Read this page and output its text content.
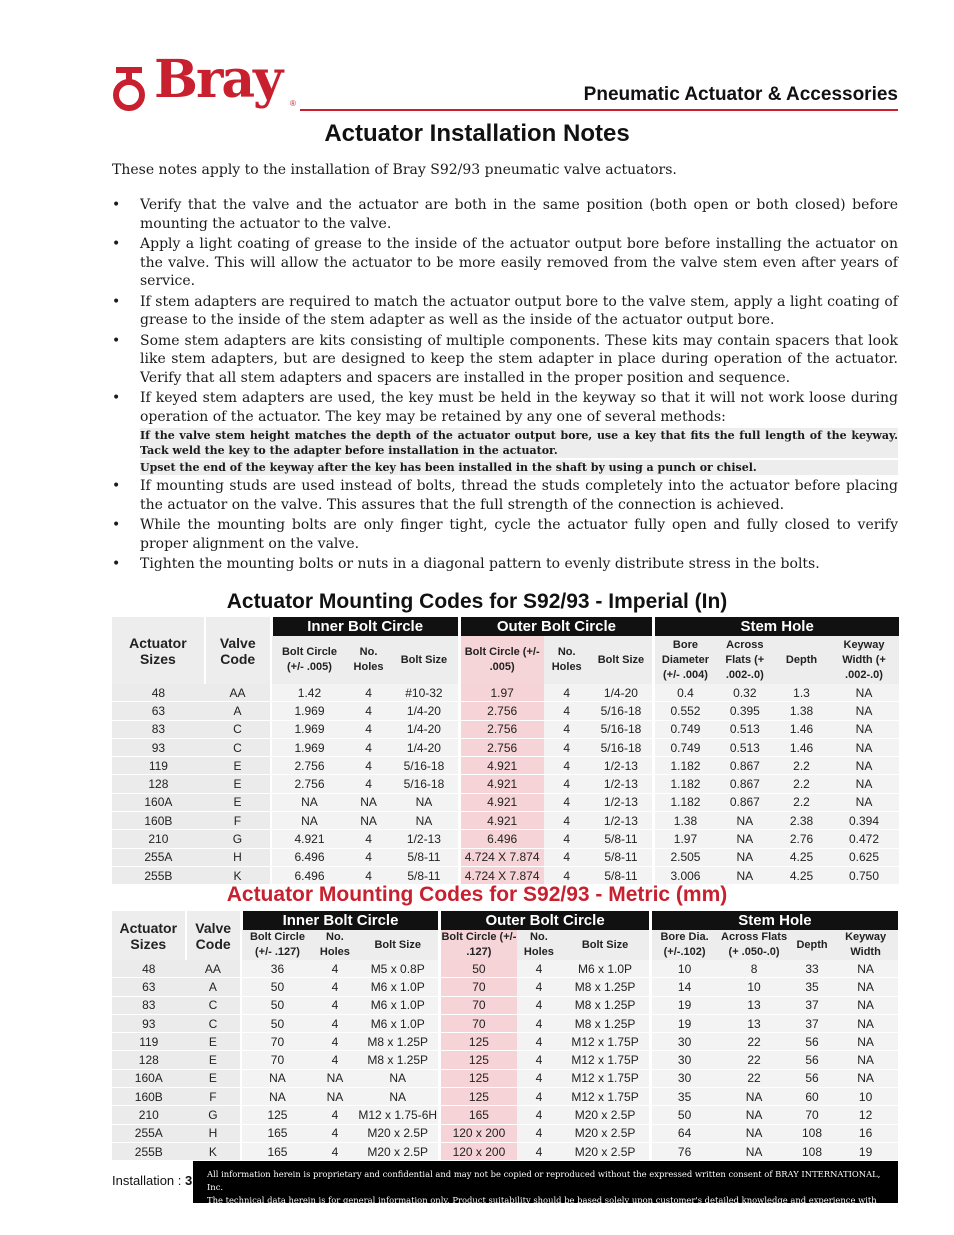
Bray ®	Pneumatic Actuator & Accessories
Actuator Installation Notes
These notes apply to the installation of Bray S92/93 pneumatic valve actuators.
• Verify that the valve and the actuator are both in the same position (both open or both closed) before mounting the actuator to the valve.

• Apply a light coating of grease to the inside of the actuator output bore before installing the actuator on the valve. This will allow the actuator to be more easily removed from the valve stem even after years of service.

• If stem adapters are required to match the actuator output bore to the valve stem, apply a light coating of grease to the inside of the stem adapter as well as the inside of the actuator output bore.

• Some stem adapters are kits consisting of multiple components. These kits may contain spacers that look like stem adapters, but are designed to keep the stem adapter in place during operation of the actuator. Verify that all stem adapters and spacers are installed in the proper position and sequence.

• If keyed stem adapters are used, the key must be held in the keyway so that it will not work loose during operation of the actuator. The key may be retained by any one of several methods:

If the valve stem height matches the depth of the actuator output bore, use a key that fits the full length of the keyway. Tack weld the key to the adapter before installation in the actuator.

Upset the end of the keyway after the key has been installed in the shaft by using a punch or chisel.

• If mounting studs are used instead of bolts, thread the studs completely into the actuator before placing the actuator on the valve. This assures that the full strength of the connection is achieved.

• While the mounting bolts are only finger tight, cycle the actuator fully open and fully closed to verify proper alignment on the valve.

• Tighten the mounting bolts or nuts in a diagonal pattern to evenly distribute stress in the bolts.

Actuator Mounting Codes for S92/93 - Imperial (In)
Actuator Sizes	Valve Code	Inner Bolt Circle			Outer Bolt Circle			Stem Hole			
		Bolt Circle (+/- .005)	No. Holes	Bolt Size	Bolt Circle (+/- .005)	No. Holes	Bolt Size	Bore Diameter (+/- .004)	Across Flats (+ .002-.0)	Depth	Keyway Width (+ .002-.0)
48	AA	1.42	4	#10-32	1.97	4	1/4-20	0.4	0.32	1.3	NA
63	A	1.969	4	1/4-20	2.756	4	5/16-18	0.552	0.395	1.38	NA
83	C	1.969	4	1/4-20	2.756	4	5/16-18	0.749	0.513	1.46	NA
93	C	1.969	4	1/4-20	2.756	4	5/16-18	0.749	0.513	1.46	NA
119	E	2.756	4	5/16-18	4.921	4	1/2-13	1.182	0.867	2.2	NA
128	E	2.756	4	5/16-18	4.921	4	1/2-13	1.182	0.867	2.2	NA
160A	E	NA	NA	NA	4.921	4	1/2-13	1.182	0.867	2.2	NA
160B	F	NA	NA	NA	4.921	4	1/2-13	1.38	NA	2.38	0.394
210	G	4.921	4	1/2-13	6.496	4	5/8-11	1.97	NA	2.76	0.472
255A	H	6.496	4	5/8-11	4.724 X 7.874	4	5/8-11	2.505	NA	4.25	0.625
255B	K	6.496	4	5/8-11	4.724 X 7.874	4	5/8-11	3.006	NA	4.25	0.750
Actuator Mounting Codes for S92/93 - Metric (mm)
Actuator Sizes	Valve Code	Inner Bolt Circle			Outer Bolt Circle			Stem Hole			
		Bolt Circle (+/- .127)	No. Holes	Bolt Size	Bolt Circle (+/- .127)	No. Holes	Bolt Size	Bore Dia. (+/-.102)	Across Flats (+ .050-.0)	Depth	Keyway Width
48	AA	36	4	M5 x 0.8P	50	4	M6 x 1.0P	10	8	33	NA
63	A	50	4	M6 x 1.0P	70	4	M8 x 1.25P	14	10	35	NA
83	C	50	4	M6 x 1.0P	70	4	M8 x 1.25P	19	13	37	NA
93	C	50	4	M6 x 1.0P	70	4	M8 x 1.25P	19	13	37	NA
119	E	70	4	M8 x 1.25P	125	4	M12 x 1.75P	30	22	56	NA
128	E	70	4	M8 x 1.25P	125	4	M12 x 1.75P	30	22	56	NA
160A	E	NA	NA	NA	125	4	M12 x 1.75P	30	22	56	NA
160B	F	NA	NA	NA	125	4	M12 x 1.75P	35	NA	60	10
210	G	125	4	M12 x 1.75-6H	165	4	M20 x 2.5P	50	NA	70	12
255A	H	165	4	M20 x 2.5P	120 x 200	4	M20 x 2.5P	64	NA	108	16
255B	K	165	4	M20 x 2.5P	120 x 200	4	M20 x 2.5P	76	NA	108	19
Installation : 3 All information herein is proprietary and confidential and may not be copied or reproduced without the expressed written consent of BRAY INTERNATIONAL, Inc.
The technical data herein is for general information only. Product suitability should be based solely upon customer's detailed knowledge and experience with their application.
